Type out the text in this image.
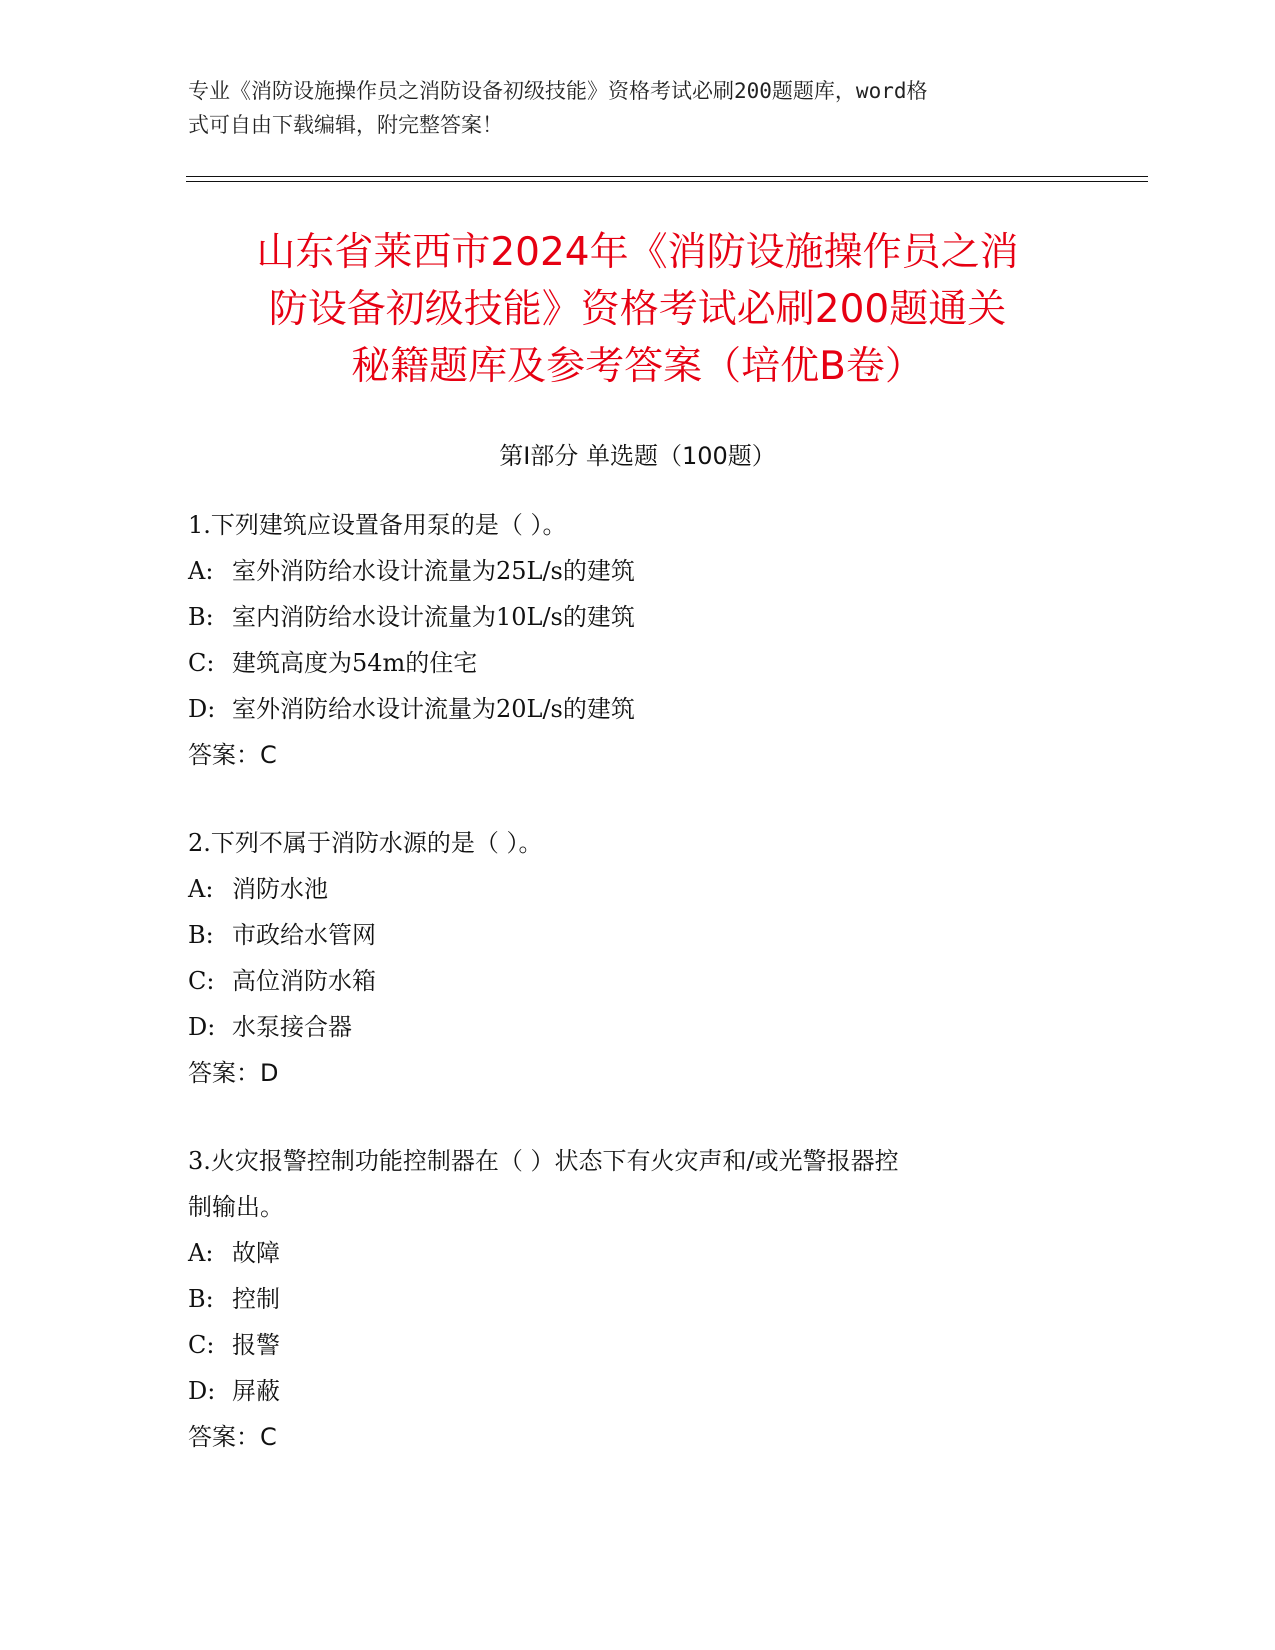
专业《消防设施操作员之消防设备初级技能》资格考试必刷200题题库，word格
式可自由下载编辑，附完整答案！
山东省莱西市2024年《消防设施操作员之消
防设备初级技能》资格考试必刷200题通关
秘籍题库及参考答案（培优B卷）
第Ⅰ部分 单选题（100题）
1.下列建筑应设置备用泵的是（ ）。
A: 室外消防给水设计流量为25L/s的建筑
B: 室内消防给水设计流量为10L/s的建筑
C: 建筑高度为54m的住宅
D: 室外消防给水设计流量为20L/s的建筑
答案：C
2.下列不属于消防水源的是（ ）。
A: 消防水池
B: 市政给水管网
C: 高位消防水箱
D: 水泵接合器
答案：D
3.火灾报警控制功能控制器在（ ）状态下有火灾声和/或光警报器控
制输出。
A: 故障
B: 控制
C: 报警
D: 屏蔽
答案：C
